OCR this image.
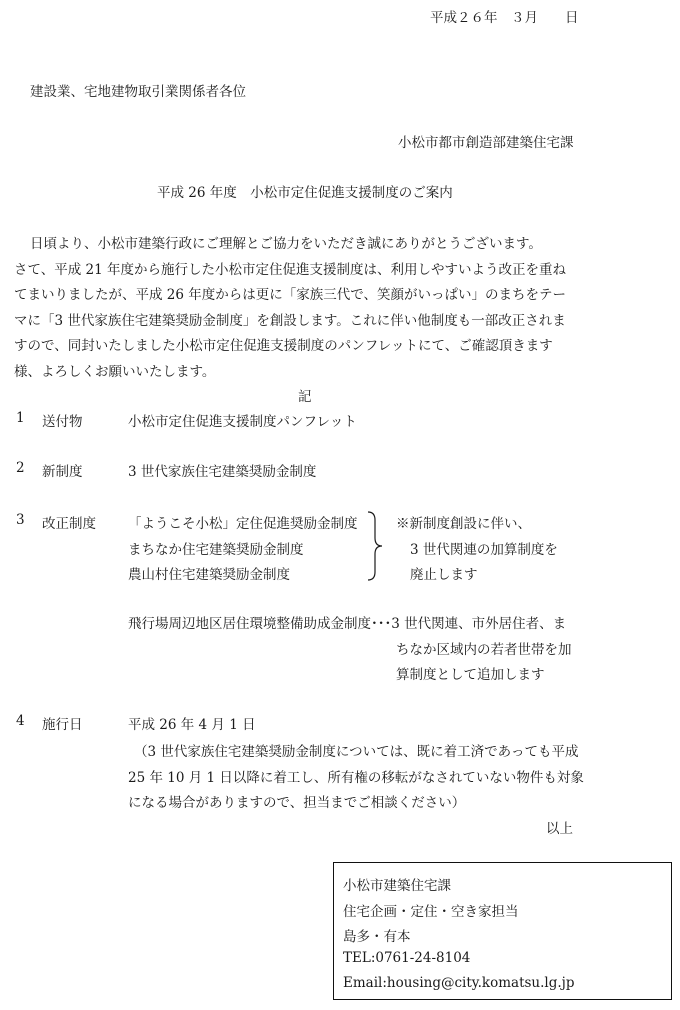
平成２６年　３月　　日
建設業、宅地建物取引業関係者各位
小松市都市創造部建築住宅課
平成 26 年度　小松市定住促進支援制度のご案内

日頃より、小松市建築行政にご理解とご協力をいただき誠にありがとうございます。

さて、平成 21 年度から施行した小松市定住促進支援制度は、利用しやすいよう改正を重ね

てまいりましたが、平成 26 年度からは更に「家族三代で、笑顔がいっぱい」のまちをテー

マに「3 世代家族住宅建築奨励金制度」を創設します。これに伴い他制度も一部改正されま

すので、同封いたしました小松市定住促進支援制度のパンフレットにて、ご確認頂きます

様、よろしくお願いいたします。

記
1 送付物	小松市定住促進支援制度パンフレット
2 新制度	3 世代家族住宅建築奨励金制度
3 改正制度 「ようこそ小松」定住促進奨励金制度
まちなか住宅建築奨励金制度
農山村住宅建築奨励金制度
※新制度創設に伴い、
3 世代関連の加算制度を
廃止します
飛行場周辺地区居住環境整備助成金制度･･･3 世代関連、市外居住者、ま
ちなか区域内の若者世帯を加
算制度として追加します
4 施行日	平成 26 年 4 月 1 日
（3 世代家族住宅建築奨励金制度については、既に着工済であっても平成
25 年 10 月 1 日以降に着工し、所有権の移転がなされていない物件も対象
になる場合がありますので、担当までご相談ください）
以上
小松市建築住宅課
住宅企画・定住・空き家担当
島多・有本
TEL:0761-24-8104
Email:housing@city.komatsu.lg.jp
